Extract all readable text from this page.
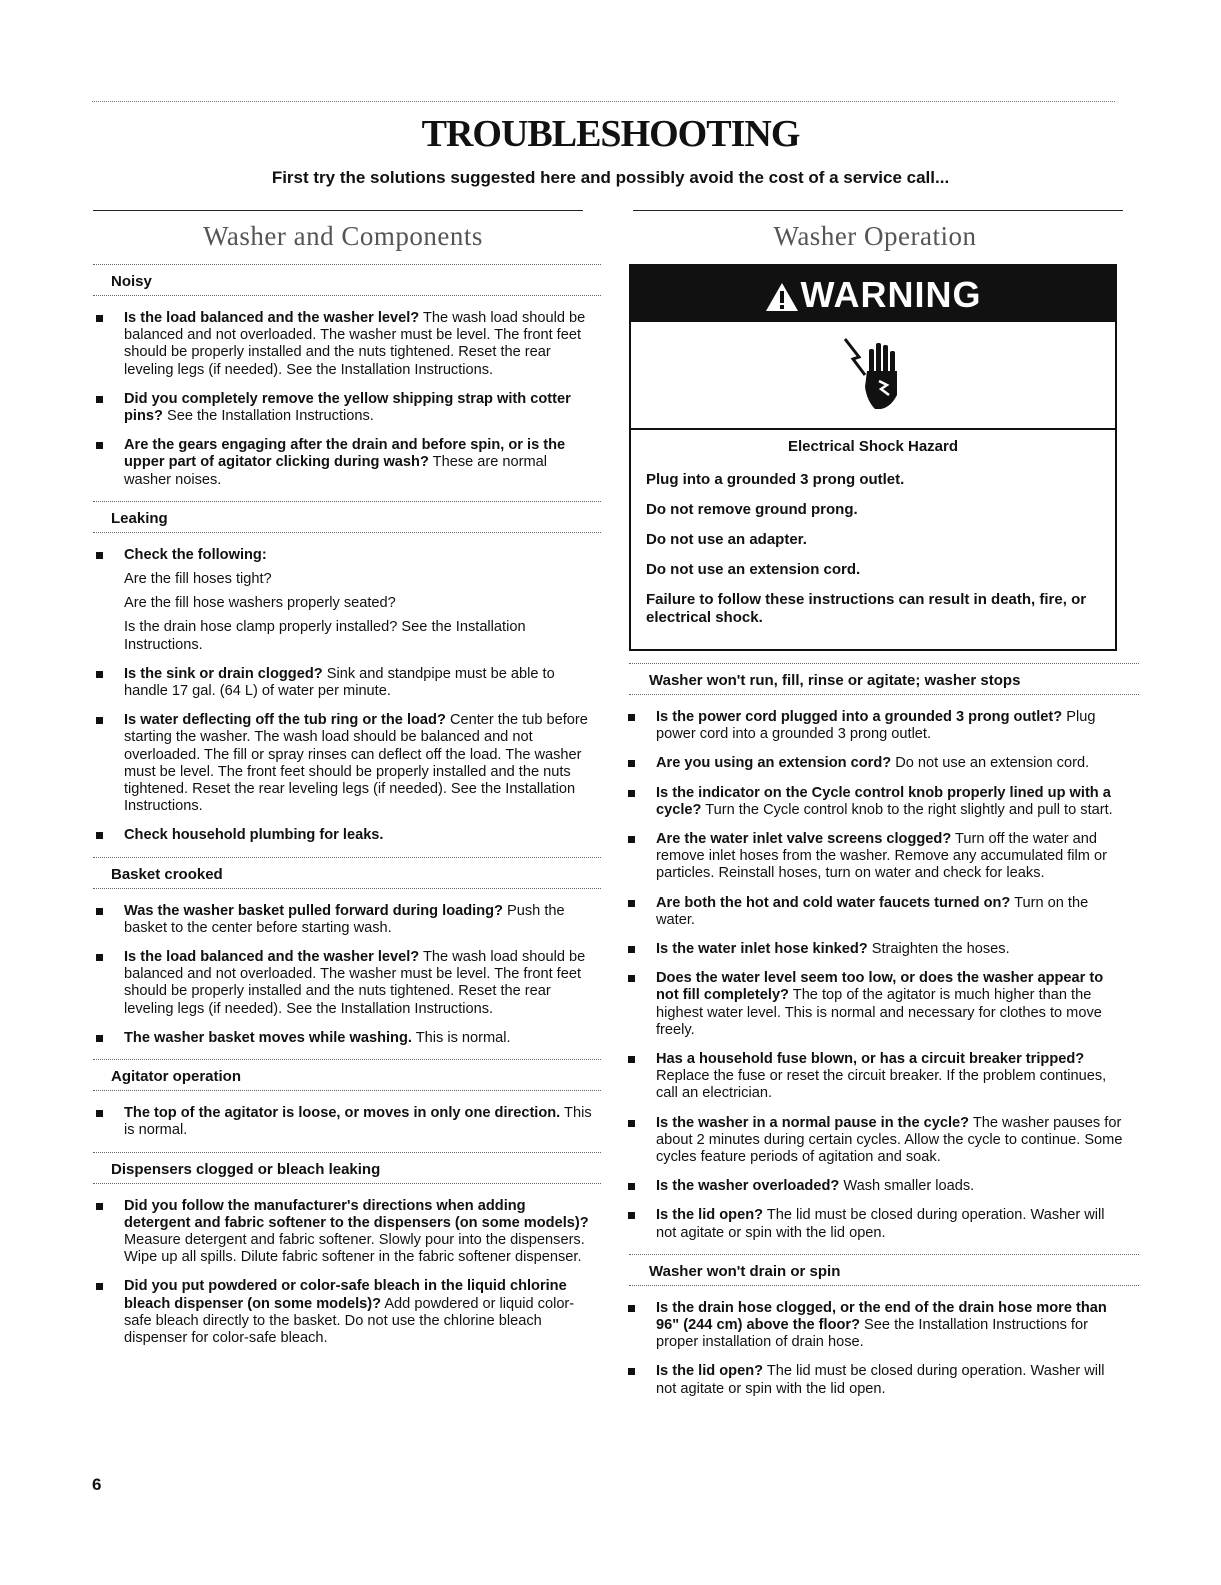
TROUBLESHOOTING

First try the solutions suggested here and possibly avoid the cost of a service call...

Washer and Components
Noisy
Is the load balanced and the washer level? The wash load should be balanced and not overloaded. The washer must be level. The front feet should be properly installed and the nuts tightened. Reset the rear leveling legs (if needed). See the Installation Instructions.
Did you completely remove the yellow shipping strap with cotter pins? See the Installation Instructions.
Are the gears engaging after the drain and before spin, or is the upper part of agitator clicking during wash? These are normal washer noises.
Leaking
Check the following:
Are the fill hoses tight?
Are the fill hose washers properly seated?
Is the drain hose clamp properly installed? See the Installation Instructions.
Is the sink or drain clogged? Sink and standpipe must be able to handle 17 gal. (64 L) of water per minute.
Is water deflecting off the tub ring or the load? Center the tub before starting the washer. The wash load should be balanced and not overloaded. The fill or spray rinses can deflect off the load. The washer must be level. The front feet should be properly installed and the nuts tightened. Reset the rear leveling legs (if needed). See the Installation Instructions.
Check household plumbing for leaks.
Basket crooked
Was the washer basket pulled forward during loading? Push the basket to the center before starting wash.
Is the load balanced and the washer level? The wash load should be balanced and not overloaded. The washer must be level. The front feet should be properly installed and the nuts tightened. Reset the rear leveling legs (if needed). See the Installation Instructions.
The washer basket moves while washing. This is normal.
Agitator operation
The top of the agitator is loose, or moves in only one direction. This is normal.
Dispensers clogged or bleach leaking
Did you follow the manufacturer's directions when adding detergent and fabric softener to the dispensers (on some models)? Measure detergent and fabric softener. Slowly pour into the dispensers. Wipe up all spills. Dilute fabric softener in the fabric softener dispenser.
Did you put powdered or color-safe bleach in the liquid chlorine bleach dispenser (on some models)? Add powdered or liquid color-safe bleach directly to the basket. Do not use the chlorine bleach dispenser for color-safe bleach.
Washer Operation
WARNING
Electrical Shock Hazard

Plug into a grounded 3 prong outlet.

Do not remove ground prong.

Do not use an adapter.

Do not use an extension cord.

Failure to follow these instructions can result in death, fire, or electrical shock.

Washer won't run, fill, rinse or agitate; washer stops
Is the power cord plugged into a grounded 3 prong outlet? Plug power cord into a grounded 3 prong outlet.
Are you using an extension cord? Do not use an extension cord.
Is the indicator on the Cycle control knob properly lined up with a cycle? Turn the Cycle control knob to the right slightly and pull to start.
Are the water inlet valve screens clogged? Turn off the water and remove inlet hoses from the washer. Remove any accumulated film or particles. Reinstall hoses, turn on water and check for leaks.
Are both the hot and cold water faucets turned on? Turn on the water.
Is the water inlet hose kinked? Straighten the hoses.
Does the water level seem too low, or does the washer appear to not fill completely? The top of the agitator is much higher than the highest water level. This is normal and necessary for clothes to move freely.
Has a household fuse blown, or has a circuit breaker tripped? Replace the fuse or reset the circuit breaker. If the problem continues, call an electrician.
Is the washer in a normal pause in the cycle? The washer pauses for about 2 minutes during certain cycles. Allow the cycle to continue. Some cycles feature periods of agitation and soak.
Is the washer overloaded? Wash smaller loads.
Is the lid open? The lid must be closed during operation. Washer will not agitate or spin with the lid open.
Washer won't drain or spin
Is the drain hose clogged, or the end of the drain hose more than 96" (244 cm) above the floor? See the Installation Instructions for proper installation of drain hose.
Is the lid open? The lid must be closed during operation. Washer will not agitate or spin with the lid open.
6
